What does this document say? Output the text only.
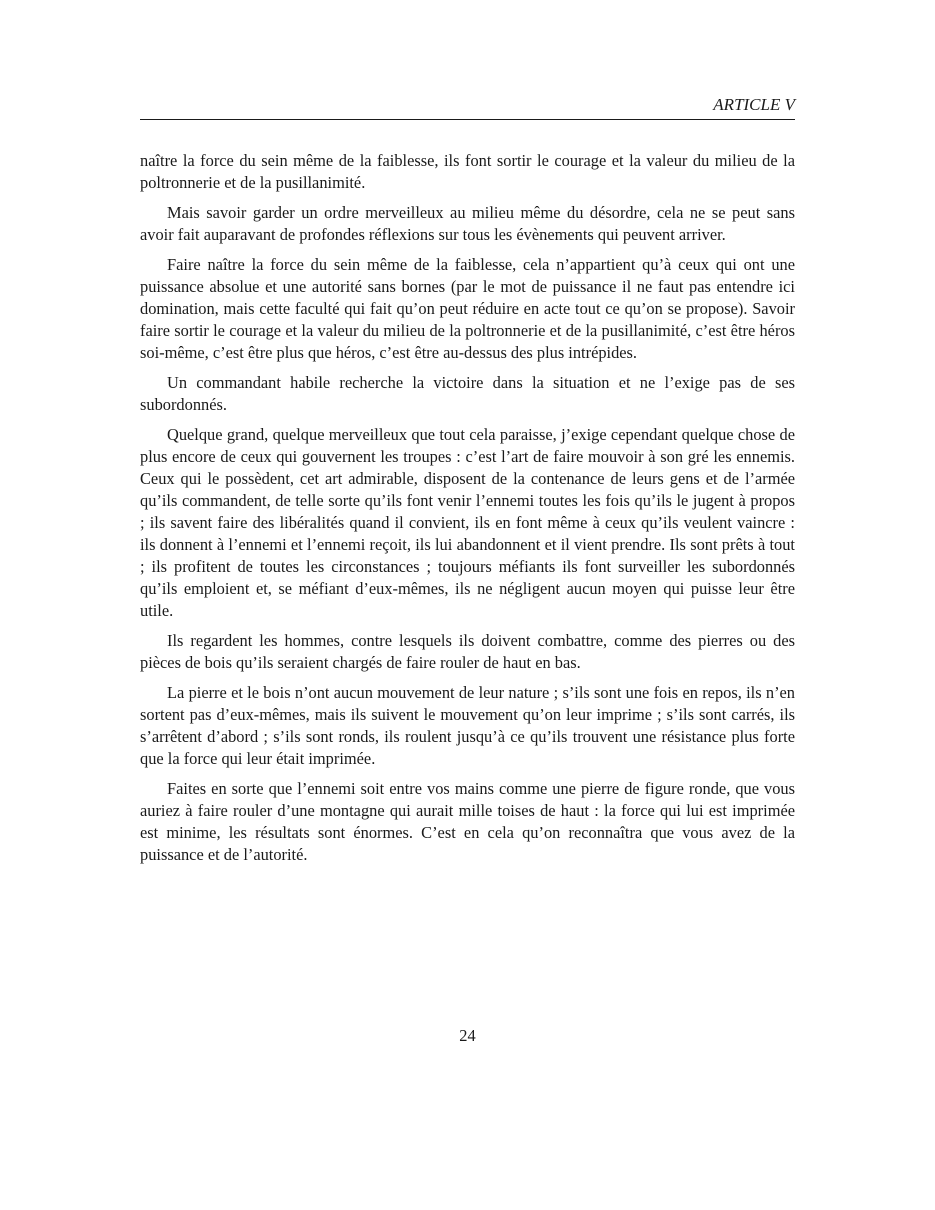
ARTICLE V

naître la force du sein même de la faiblesse, ils font sortir le courage et la valeur du milieu de la poltronnerie et de la pusillanimité.

Mais savoir garder un ordre merveilleux au milieu même du désordre, cela ne se peut sans avoir fait auparavant de profondes réflexions sur tous les évènements qui peuvent arriver.

Faire naître la force du sein même de la faiblesse, cela n’appartient qu’à ceux qui ont une puissance absolue et une autorité sans bornes (par le mot de puissance il ne faut pas entendre ici domination, mais cette faculté qui fait qu’on peut réduire en acte tout ce qu’on se propose). Savoir faire sortir le courage et la valeur du milieu de la poltronnerie et de la pusillanimité, c’est être héros soi-même, c’est être plus que héros, c’est être au-dessus des plus intrépides.

Un commandant habile recherche la victoire dans la situation et ne l’exige pas de ses subordonnés.

Quelque grand, quelque merveilleux que tout cela paraisse, j’exige cependant quelque chose de plus encore de ceux qui gouvernent les troupes : c’est l’art de faire mouvoir à son gré les ennemis. Ceux qui le possèdent, cet art admirable, disposent de la contenance de leurs gens et de l’armée qu’ils commandent, de telle sorte qu’ils font venir l’ennemi toutes les fois qu’ils le jugent à propos ; ils savent faire des libéralités quand il convient, ils en font même à ceux qu’ils veulent vaincre : ils donnent à l’ennemi et l’ennemi reçoit, ils lui abandonnent et il vient prendre. Ils sont prêts à tout ; ils profitent de toutes les circonstances ; toujours méfiants ils font surveiller les subordonnés qu’ils emploient et, se méfiant d’eux-mêmes, ils ne négligent aucun moyen qui puisse leur être utile.

Ils regardent les hommes, contre lesquels ils doivent combattre, comme des pierres ou des pièces de bois qu’ils seraient chargés de faire rouler de haut en bas.

La pierre et le bois n’ont aucun mouvement de leur nature ; s’ils sont une fois en repos, ils n’en sortent pas d’eux-mêmes, mais ils suivent le mouvement qu’on leur imprime ; s’ils sont carrés, ils s’arrêtent d’abord ; s’ils sont ronds, ils roulent jusqu’à ce qu’ils trouvent une résistance plus forte que la force qui leur était imprimée.

Faites en sorte que l’ennemi soit entre vos mains comme une pierre de figure ronde, que vous auriez à faire rouler d’une montagne qui aurait mille toises de haut : la force qui lui est imprimée est minime, les résultats sont énormes. C’est en cela qu’on reconnaîtra que vous avez de la puissance et de l’autorité.

24
